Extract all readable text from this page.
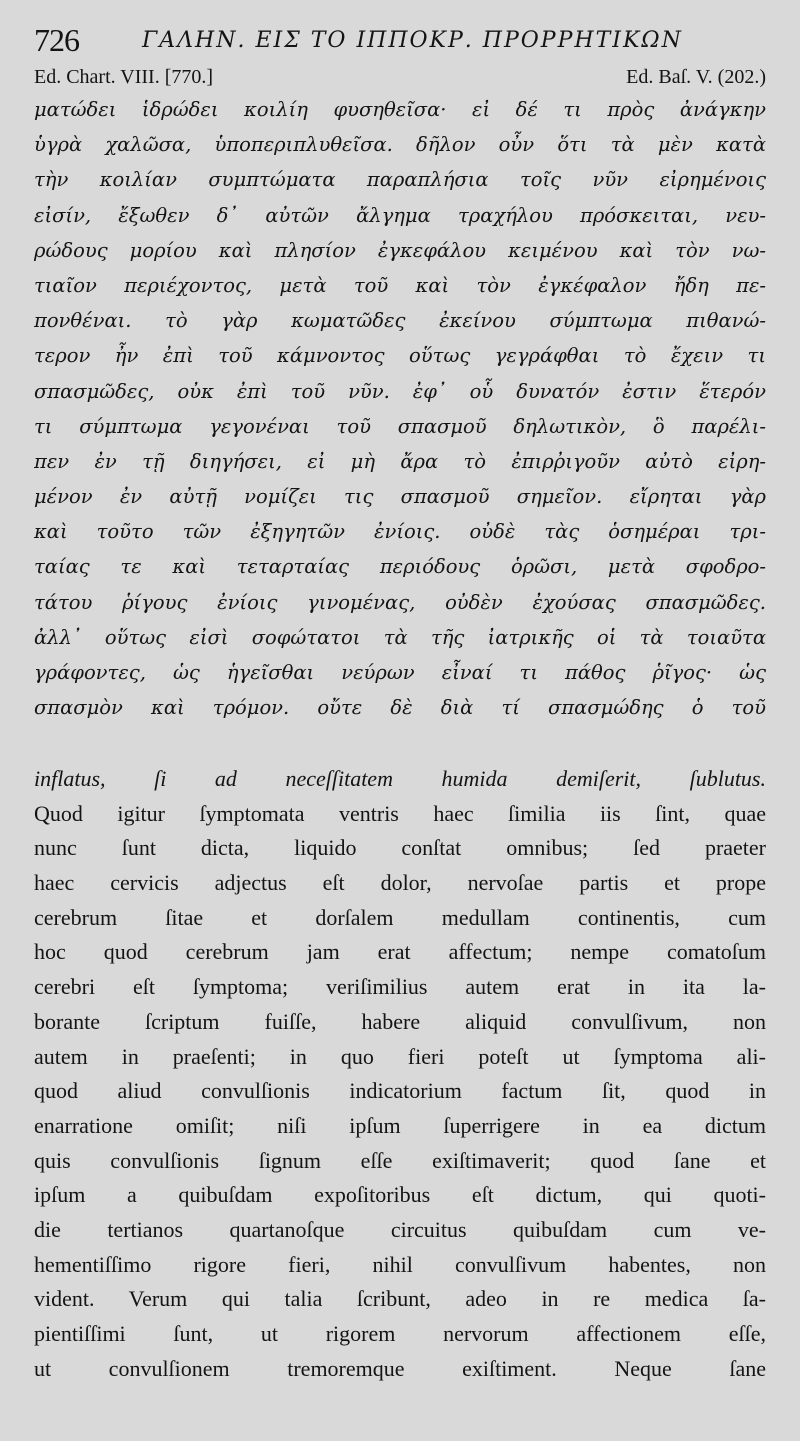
726	ΓΑΛΗΝ. ΕΙΣ ΤΟ ΙΠΠΟΚΡ. ΠΡΟΡΡΗΤΙΚΩΝ
Ed. Chart. VIII. [770.]	Ed. Baſ. V. (202.)
ματώδει ἱδρώδει κοιλίη φυσηθεῖσα· εἰ δέ τι πρὸς ἀνάγκην
ὑγρὰ χαλῶσα, ὑποπεριπλυθεῖσα. δῆλον οὖν ὅτι τὰ μὲν κατὰ
τὴν κοιλίαν συμπτώματα παραπλήσια τοῖς νῦν εἰρημένοις
εἰσίν, ἔξωθεν δ᾽ αὐτῶν ἄλγημα τραχήλου πρόσκειται, νευ-
ρώδους μορίου καὶ πλησίον ἐγκεφάλου κειμένου καὶ τὸν νω-
τιαῖον περιέχοντος, μετὰ τοῦ καὶ τὸν ἐγκέφαλον ἤδη πε-
πονθέναι. τὸ γὰρ κωματῶδες ἐκείνου σύμπτωμα πιθανώ-
τερον ἦν ἐπὶ τοῦ κάμνοντος οὕτως γεγράφθαι τὸ ἔχειν τι
σπασμῶδες, οὐκ ἐπὶ τοῦ νῦν. ἐφ᾽ οὗ δυνατόν ἐστιν ἕτερόν
τι σύμπτωμα γεγονέναι τοῦ σπασμοῦ δηλωτικὸν, ὃ παρέλι-
πεν ἐν τῇ διηγήσει, εἰ μὴ ἄρα τὸ ἐπιρῤιγοῦν αὐτὸ εἰρη-
μένον ἐν αὐτῇ νομίζει τις σπασμοῦ σημεῖον. εἴρηται γὰρ
καὶ τοῦτο τῶν ἐξηγητῶν ἐνίοις. οὐδὲ τὰς ὁσημέραι τρι-
ταίας τε καὶ τεταρταίας περιόδους ὁρῶσι, μετὰ σφοδρο-
τάτου ῥίγους ἐνίοις γινομένας, οὐδὲν ἐχούσας σπασμῶδες.
ἀλλ᾽ οὕτως εἰσὶ σοφώτατοι τὰ τῆς ἰατρικῆς οἱ τὰ τοιαῦτα
γράφοντες, ὡς ἡγεῖσθαι νεύρων εἶναί τι πάθος ῥῖγος· ὡς
σπασμὸν καὶ τρόμον. οὔτε δὲ διὰ τί σπασμώδης ὁ τοῦ
inflatus, ſi ad neceſſitatem humida demiſerit, ſublutus.
Quod igitur ſymptomata ventris haec ſimilia iis ſint, quae
nunc ſunt dicta, liquido conſtat omnibus; ſed praeter
haec cervicis adjectus eſt dolor, nervoſae partis et prope
cerebrum ſitae et dorſalem medullam continentis, cum
hoc quod cerebrum jam erat affectum; nempe comatoſum
cerebri eſt ſymptoma; veriſimilius autem erat in ita la-
borante ſcriptum fuiſſe, habere aliquid convulſivum, non
autem in praeſenti; in quo fieri poteſt ut ſymptoma ali-
quod aliud convulſionis indicatorium factum ſit, quod in
enarratione omiſit; niſi ipſum ſuperrigere in ea dictum
quis convulſionis ſignum eſſe exiſtimaverit; quod ſane et
ipſum a quibuſdam expoſitoribus eſt dictum, qui quoti-
die tertianos quartanoſque circuitus quibuſdam cum ve-
hementiſſimo rigore fieri, nihil convulſivum habentes, non
vident. Verum qui talia ſcribunt, adeo in re medica ſa-
pientiſſimi ſunt, ut rigorem nervorum affectionem eſſe,
ut convulſionem tremoremque exiſtiment. Neque ſane
